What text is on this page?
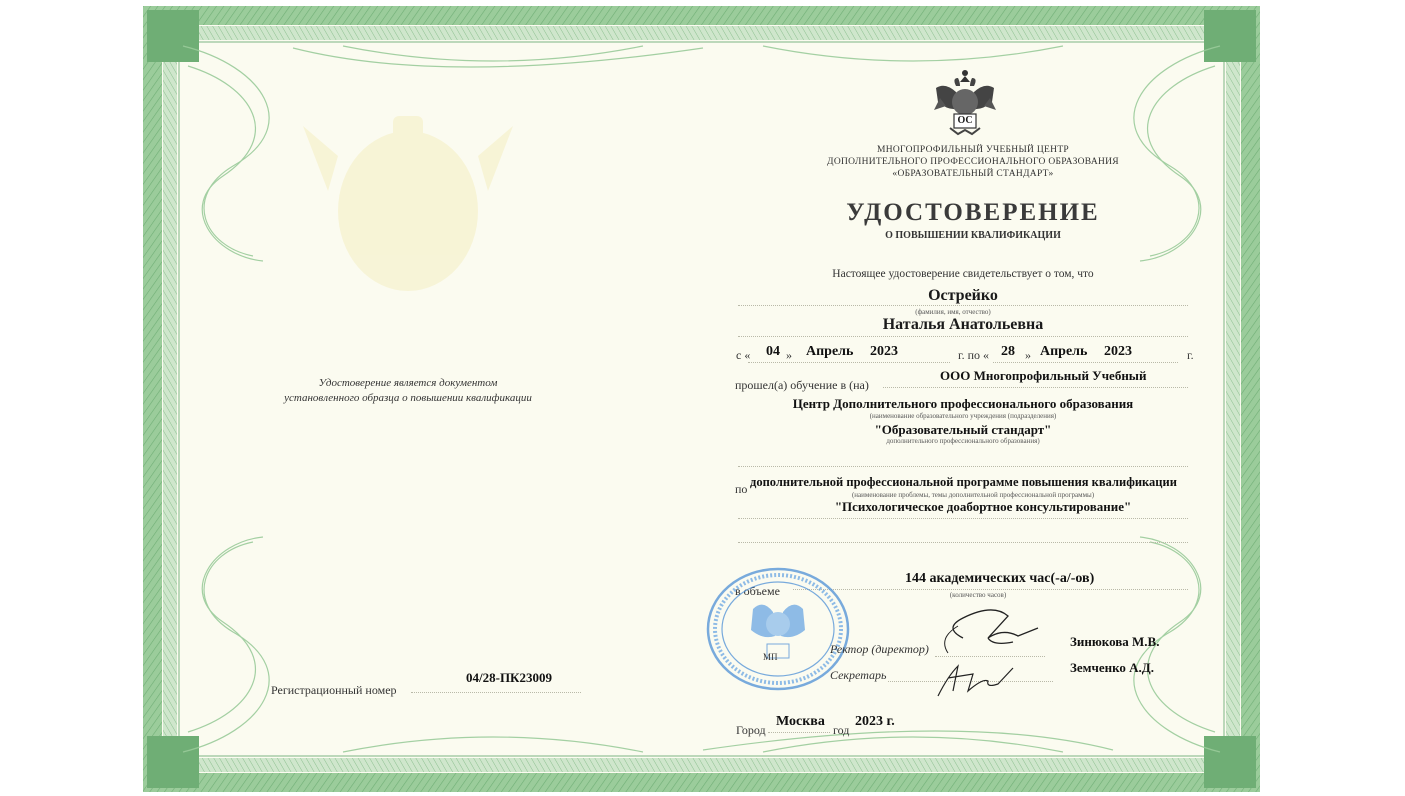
ОС
МНОГОПРОФИЛЬНЫЙ УЧЕБНЫЙ ЦЕНТР
ДОПОЛНИТЕЛЬНОГО ПРОФЕССИОНАЛЬНОГО ОБРАЗОВАНИЯ
«ОБРАЗОВАТЕЛЬНЫЙ СТАНДАРТ»
УДОСТОВЕРЕНИЕ
О ПОВЫШЕНИИ КВАЛИФИКАЦИИ
Удостоверение является документом
установленного образца о повышении квалификации
Регистрационный номер
04/28-ПК23009
Настоящее удостоверение свидетельствует о том, что
Острейко
(фамилия, имя, отчество)
Наталья Анатольевна
с « 04 » Апрель 2023	г. по « 28 » Апрель 2023	г.
прошел(а) обучение в (на)
ООО Многопрофильный Учебный
Центр Дополнительного профессионального образования
(наименование образовательного учреждения (подразделения)
"Образовательный стандарт"
дополнительного профессионального образования)
по дополнительной профессиональной программе повышения квалификации
(наименование проблемы, темы дополнительной профессиональной программы)
"Психологическое доабортное консультирование"
в объеме
144 академических час(-а/-ов)
(количество часов)
МП
Ректор (директор)	Зинюкова М.В.
Секретарь	Земченко А.Д.
Город
Москва
год
2023 г.
